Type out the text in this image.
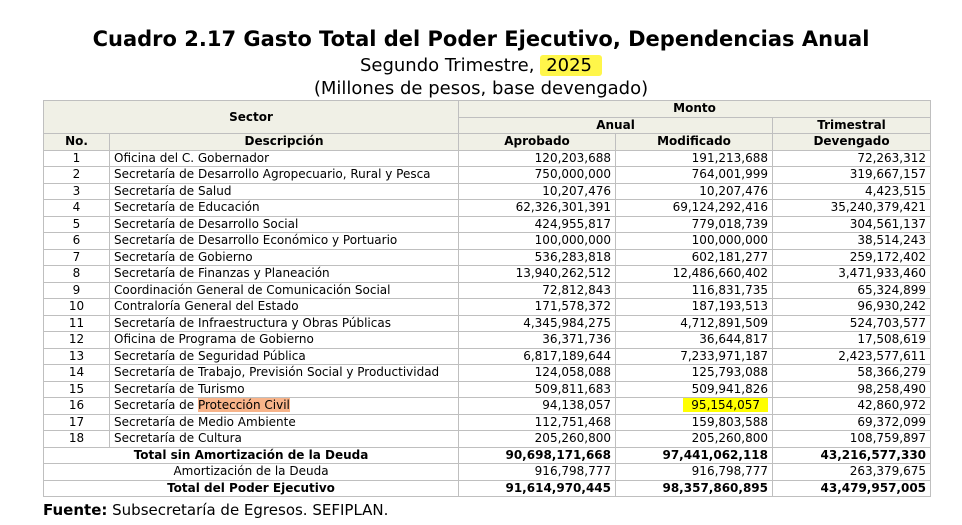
Cuadro 2.17 Gasto Total del Poder Ejecutivo, Dependencias Anual
Segundo Trimestre, 2025
(Millones de pesos, base devengado)
Sector		Monto		
		Anual		Trimestral
No.	Descripción	Aprobado	Modificado	Devengado
1	Oficina del C. Gobernador	120,203,688	191,213,688	72,263,312
2	Secretaría de Desarrollo Agropecuario, Rural y Pesca	750,000,000	764,001,999	319,667,157
3	Secretaría de Salud	10,207,476	10,207,476	4,423,515
4	Secretaría de Educación	62,326,301,391	69,124,292,416	35,240,379,421
5	Secretaría de Desarrollo Social	424,955,817	779,018,739	304,561,137
6	Secretaría de Desarrollo Económico y Portuario	100,000,000	100,000,000	38,514,243
7	Secretaría de Gobierno	536,283,818	602,181,277	259,172,402
8	Secretaría de Finanzas y Planeación	13,940,262,512	12,486,660,402	3,471,933,460
9	Coordinación General de Comunicación Social	72,812,843	116,831,735	65,324,899
10	Contraloría General del Estado	171,578,372	187,193,513	96,930,242
11	Secretaría de Infraestructura y Obras Públicas	4,345,984,275	4,712,891,509	524,703,577
12	Oficina de Programa de Gobierno	36,371,736	36,644,817	17,508,619
13	Secretaría de Seguridad Pública	6,817,189,644	7,233,971,187	2,423,577,611
14	Secretaría de Trabajo, Previsión Social y Productividad	124,058,088	125,793,088	58,366,279
15	Secretaría de Turismo	509,811,683	509,941,826	98,258,490
16	Secretaría de Protección Civil	94,138,057	95,154,057	42,860,972
17	Secretaría de Medio Ambiente	112,751,468	159,803,588	69,372,099
18	Secretaría de Cultura	205,260,800	205,260,800	108,759,897
Total sin Amortización de la Deuda		90,698,171,668	97,441,062,118	43,216,577,330
Amortización de la Deuda		916,798,777	916,798,777	263,379,675
Total del Poder Ejecutivo		91,614,970,445	98,357,860,895	43,479,957,005
Fuente: Subsecretaría de Egresos. SEFIPLAN.
